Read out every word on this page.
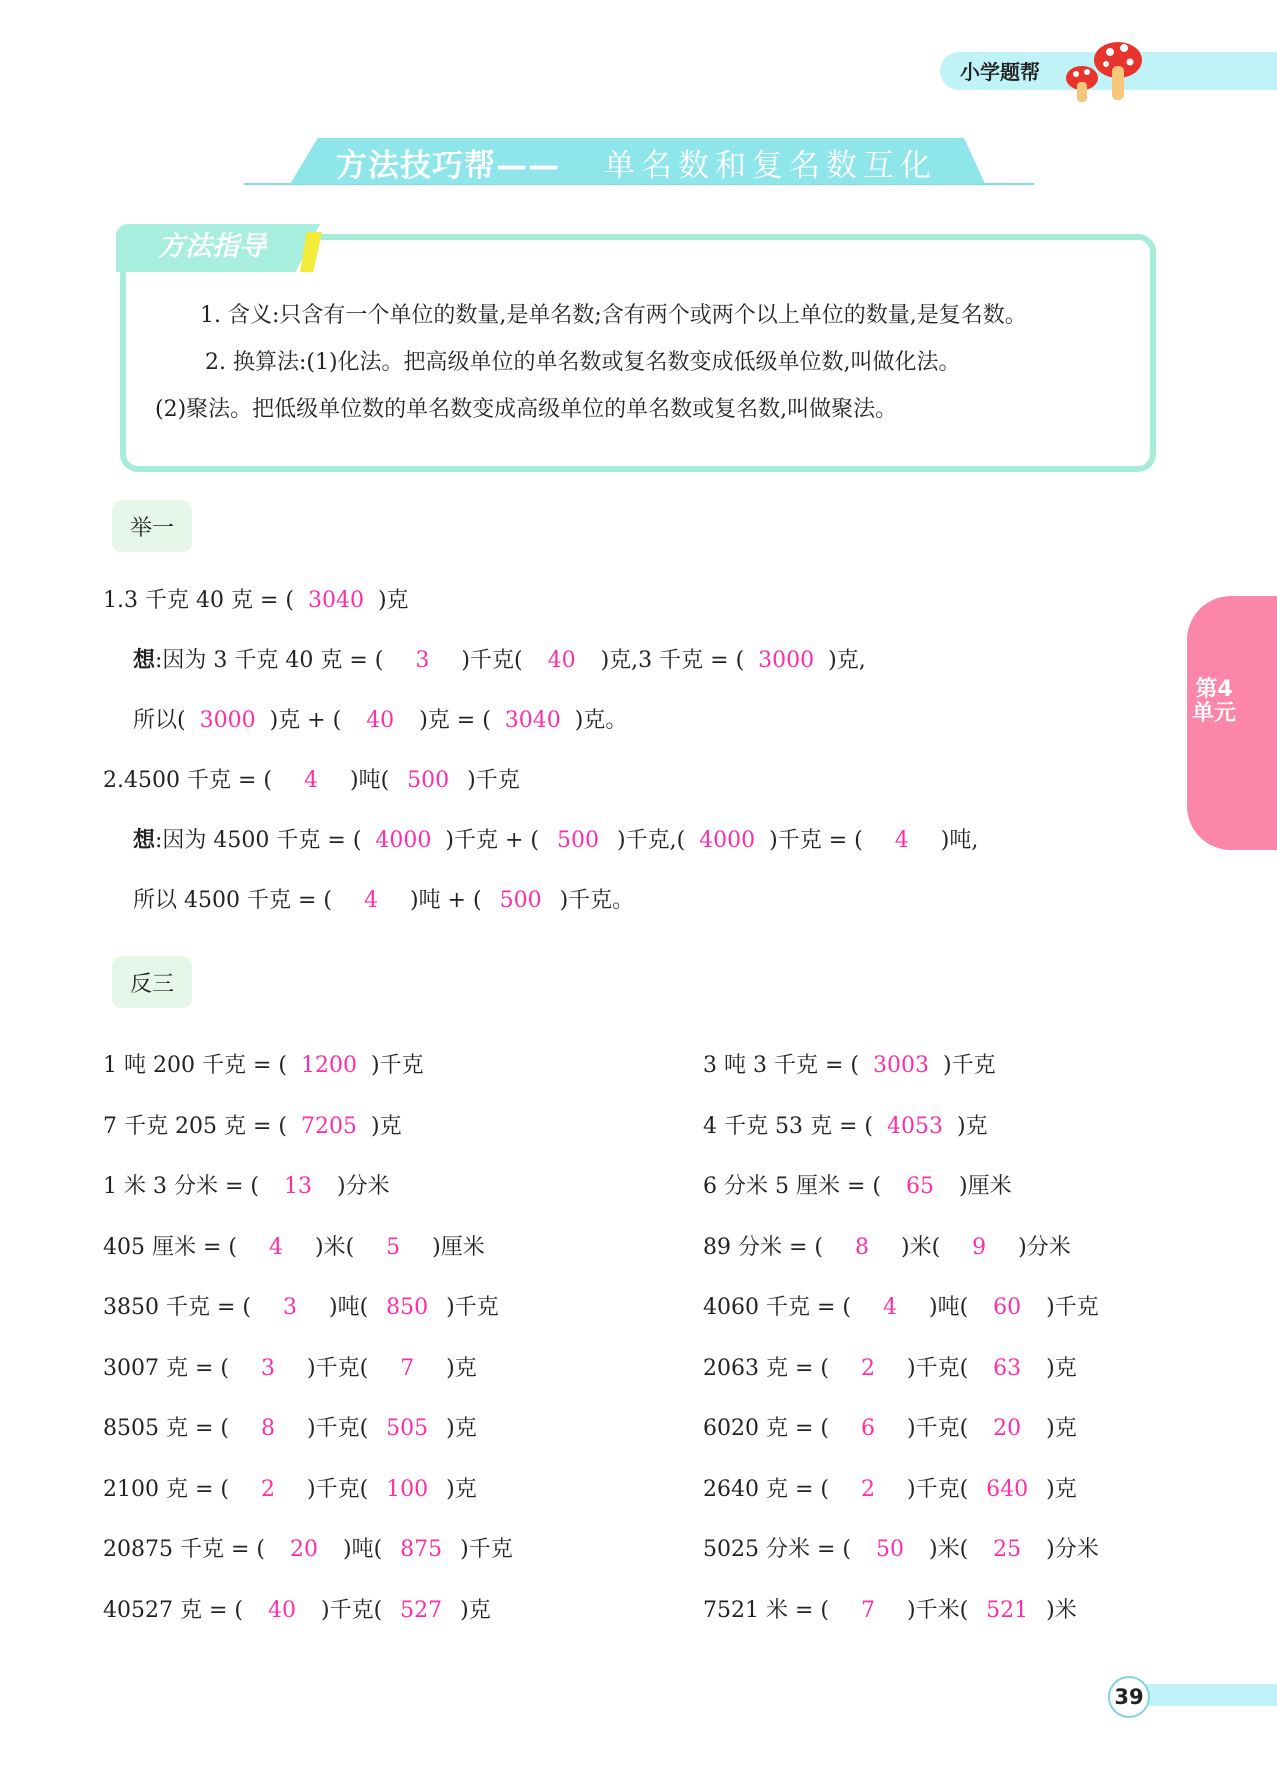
小学题帮
方法技巧帮—— 单名数和复名数互化
方法指导
1. 含义:只含有一个单位的数量,是单名数;含有两个或两个以上单位的数量,是复名数。
2. 换算法:(1)化法。把高级单位的单名数或复名数变成低级单位数,叫做化法。
(2)聚法。把低级单位数的单名数变成高级单位的单名数或复名数,叫做聚法。
第4单元
举一
1.3 千克 40 克 = ( 3040 )克
想:因为 3 千克 40 克 = ( 3 )千克( 40 )克,3 千克 = ( 3000 )克,
所以( 3000 )克 + ( 40 )克 = ( 3040 )克。
2.4500 千克 = ( 4 )吨( 500 )千克
想:因为 4500 千克 = ( 4000 )千克 + ( 500 )千克,( 4000 )千克 = ( 4 )吨,
所以 4500 千克 = ( 4 )吨 + ( 500 )千克。
反三
1 吨 200 千克 = ( 1200 )千克
7 千克 205 克 = ( 7205 )克
1 米 3 分米 = ( 13 )分米
405 厘米 = ( 4 )米( 5 )厘米
3850 千克 = ( 3 )吨( 850 )千克
3007 克 = ( 3 )千克( 7 )克
8505 克 = ( 8 )千克( 505 )克
2100 克 = ( 2 )千克( 100 )克
20875 千克 = ( 20 )吨( 875 )千克
40527 克 = ( 40 )千克( 527 )克
3 吨 3 千克 = ( 3003 )千克
4 千克 53 克 = ( 4053 )克
6 分米 5 厘米 = ( 65 )厘米
89 分米 = ( 8 )米( 9 )分米
4060 千克 = ( 4 )吨( 60 )千克
2063 克 = ( 2 )千克( 63 )克
6020 克 = ( 6 )千克( 20 )克
2640 克 = ( 2 )千克( 640 )克
5025 分米 = ( 50 )米( 25 )分米
7521 米 = ( 7 )千米( 521 )米
39
